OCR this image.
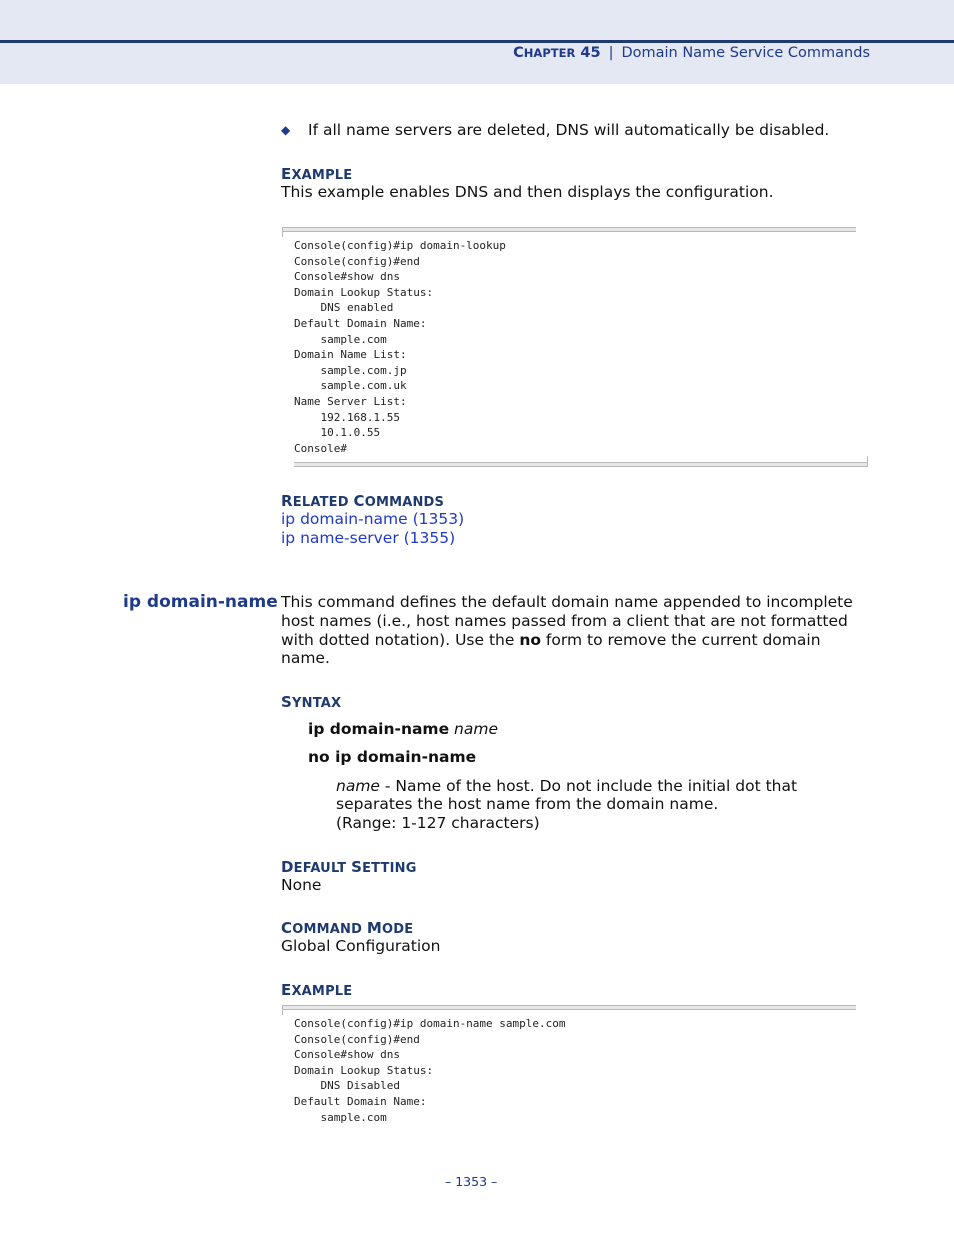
CHAPTER 45 | Domain Name Service Commands
◆ If all name servers are deleted, DNS will automatically be disabled.
EXAMPLE
This example enables DNS and then displays the configuration.
Console(config)#ip domain-lookup
Console(config)#end
Console#show dns
Domain Lookup Status:
DNS enabled
Default Domain Name:
sample.com
Domain Name List:
sample.com.jp
sample.com.uk
Name Server List:
192.168.1.55
10.1.0.55
Console#
RELATED COMMANDS
ip domain-name (1353)
ip name-server (1355)
ip domain-name This command defines the default domain name appended to incomplete
host names (i.e., host names passed from a client that are not formatted
with dotted notation). Use the no form to remove the current domain
name.
SYNTAX
ip domain-name name
no ip domain-name
name - Name of the host. Do not include the initial dot that
separates the host name from the domain name.
(Range: 1-127 characters)
DEFAULT SETTING
None
COMMAND MODE
Global Configuration
EXAMPLE
Console(config)#ip domain-name sample.com
Console(config)#end
Console#show dns
Domain Lookup Status:
DNS Disabled
Default Domain Name:
sample.com
– 1353 –
